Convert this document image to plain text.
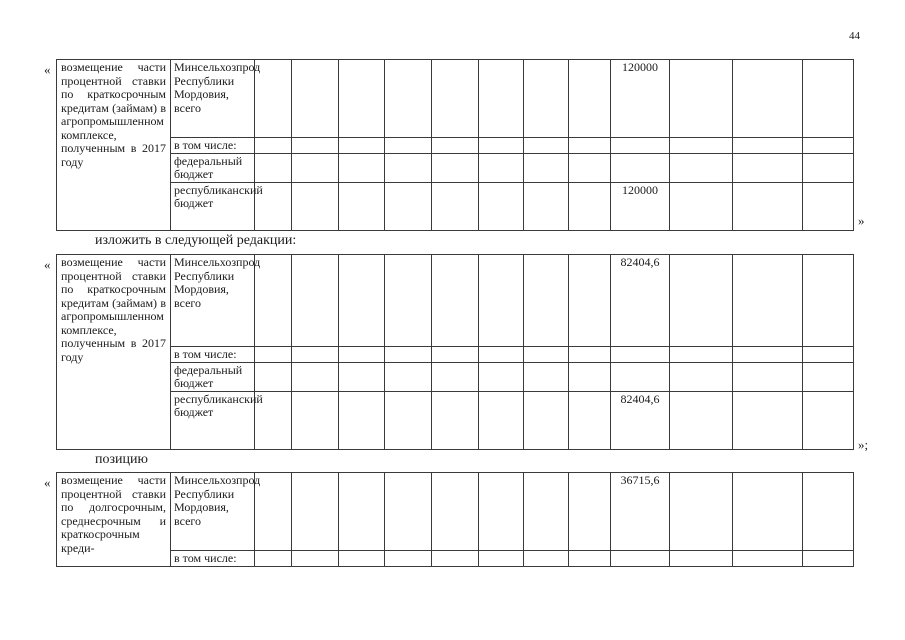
44
« возмещение части процентной ставки по краткосрочным кредитам (займам) в агропромышленном комплексе, полученным в 2017 году	Минсельхозпрод Республики Мордовия, всего									120000			
	в том числе:												
	федеральный бюджет												
	республиканский бюджет									120000			
»
изложить в следующей редакции:
« возмещение части процентной ставки по краткосрочным кредитам (займам) в агропромышленном комплексе, полученным в 2017 году	Минсельхозпрод Республики Мордовия, всего									82404,6			
	в том числе:												
	федеральный бюджет												
	республиканский бюджет									82404,6			
»;
позицию
« возмещение части процентной ставки по долгосрочным, среднесрочным и краткосрочным креди-	Минсельхозпрод Республики Мордовия, всего									36715,6			
	в том числе:												
